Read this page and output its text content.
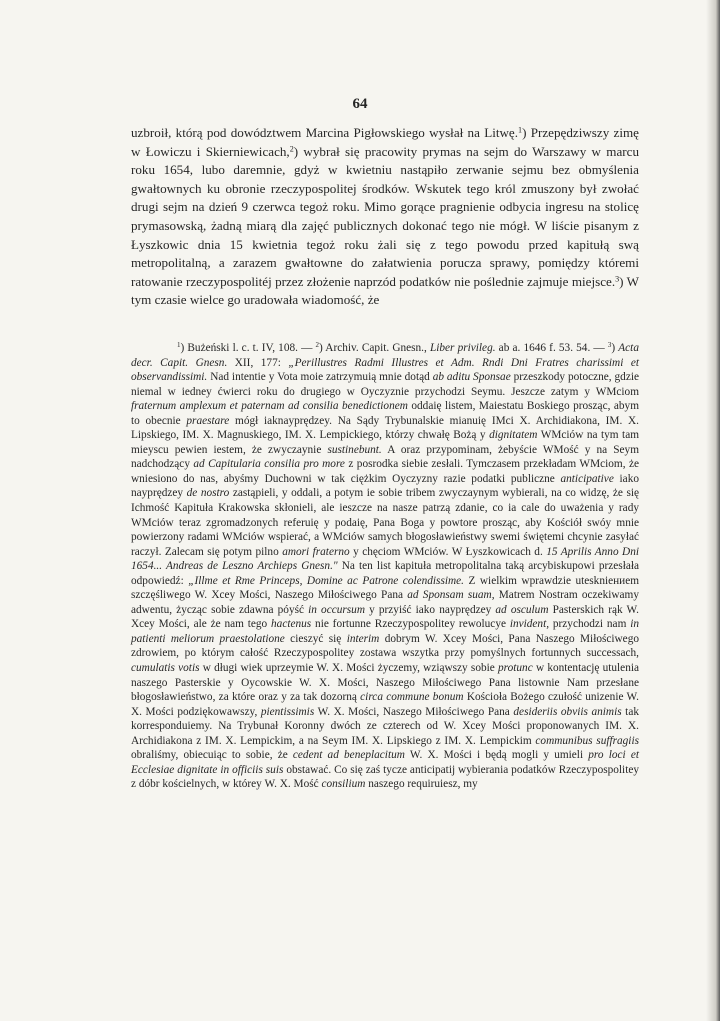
64

uzbroił, którą pod dowództwem Marcina Pigłowskiego wysłał na Litwę.$^1$) Przepędziwszy zimę w Łowiczu i Skierniewicach,$^2$) wybrał się pracowity prymas na sejm do Warszawy w marcu roku 1654, lubo daremnie, gdyż w kwietniu nastąpiło zerwanie sejmu bez obmyślenia gwałtownych ku obronie rzeczypospolitej środków. Wskutek tego król zmuszony był zwołać drugi sejm na dzień 9 czerwca tegoż roku. Mimo gorące pragnienie odbycia ingresu na stolicę prymasowską, żadną miarą dla zajęć publicznych dokonać tego nie mógł. W liście pisanym z Łyszkowic dnia 15 kwietnia tegoż roku żali się z tego powodu przed kapitułą swą metropolitalną, a zarazem gwałtowne do załatwienia porucza sprawy, pomiędzy któremi ratowanie rzeczypospolitéj przez złożenie naprzód podatków nie poślednie zajmuje miejsce.$^3$) W tym czasie wielce go uradowała wiadomość, że

$^1$) Bużeński l. c. t. IV, 108. — $^2$) Archiv. Capit. Gnesn., Liber privileg. ab a. 1646 f. 53. 54. — $^3$) Acta decr. Capit. Gnesn. XII, 177: „Perillustres Radmi Illustres et Adm. Rndi Dni Fratres charissimi et observandissimi. Nad intentie y Vota moie zatrzymuią mnie dotąd ab aditu Sponsae przeszkody potoczne, gdzie niemal w iedney ćwierci roku do drugiego w Oyczyznie przychodzi Seymu. Jeszcze zatym y WMciom fraternum amplexum et paternam ad consilia benedictionem oddaię listem, Maiestatu Boskiego prosząc, abym to obecnie praestare mógł iaknayprędzey. Na Sądy Trybunalskie mianuię IMci X. Archidiakona, IM. X. Lipskiego, IM. X. Magnuskiego, IM. X. Lempickiego, którzy chwałę Bożą y dignitatem WMciów na tym tam mieyscu pewien iestem, że zwyczaynie sustinebunt. A oraz przypominam, żebyście WMość y na Seym nadchodzący ad Capitularia consilia pro more z posrodka siebie zesłali. Tymczasem przekładam WMciom, że wniesiono do nas, abyśmy Duchowni w tak ciężkim Oyczyzny razie podatki publiczne anticipative iako nayprędzey de nostro zastąpieli, y oddali, a potym ie sobie tribem zwyczaynym wybierali, na co widzę, że się Ichmość Kapituła Krakowska skłonieli, ale ieszcze na nasze patrzą zdanie, co ia cale do uważenia y rady WMciów teraz zgromadzonych referuię y podaię, Pana Boga y powtore prosząc, aby Kościół swóy mnie powierzony radami WMciów wspierać, a WMciów samych błogosławieństwy swemi świętemi chcynie zasyłać raczył. Zalecam się potym pilno amori fraterno y chęciom WMciów. W Łyszkowicach d. 15 Aprilis Anno Dni 1654... Andreas de Leszno Archieps Gnesn." Na ten list kapituła metropolitalna taką arcybiskupowi przesłała odpowiedź: „Illme et Rme Princeps, Domine ac Patrone colendissime. Z wielkim wprawdzie uteskniениem szczęśliwego W. Xcey Mości, Naszego Miłościwego Pana ad Sponsam suam, Matrem Nostram oczekiwamy adwentu, życząc sobie zdawna póyść in occursum y przyiść iako nayprędzey ad osculum Pasterskich rąk W. Xcey Mości, ale że nam tego hactenus nie fortunne Rzeczypospolitey rewolucye invident, przychodzi nam in patienti meliorum praestolatione cieszyć się interim dobrym W. Xcey Mości, Pana Naszego Miłościwego zdrowiem, po którym całość Rzeczypospolitey zostawa wszytka przy pomyślnych fortunnych successach, cumulatis votis w długi wiek uprzeymie W. X. Mości życzemy, wziąwszy sobie protunc w kontentację utulenia naszego Pasterskie y Oycowskie W. X. Mości, Naszego Miłościwego Pana listownie Nam przesłane błogosławieństwo, za które oraz y za tak dozorną circa commune bonum Kościoła Bożego czułość unizenie W. X. Mości podziękowawszy, pientissimis W. X. Mości, Naszego Miłościwego Pana desideriis obviis animis tak korresponduiemy. Na Trybunał Koronny dwóch ze czterech od W. Xcey Mości proponowanych IM. X. Archidiakona z IM. X. Lempickim, a na Seym IM. X. Lipskiego z IM. X. Lempickim communibus suffragiis obraliśmy, obiecuiąc to sobie, że cedent ad beneplacitum W. X. Mości i będą mogli y umieli pro loci et Ecclesiae dignitate in officiis suis obstawać. Co się zaś tycze anticipatij wybierania podatków Rzeczypospolitey z dóbr kościelnych, w którey W. X. Mość consilium naszego requiruiesz, my
